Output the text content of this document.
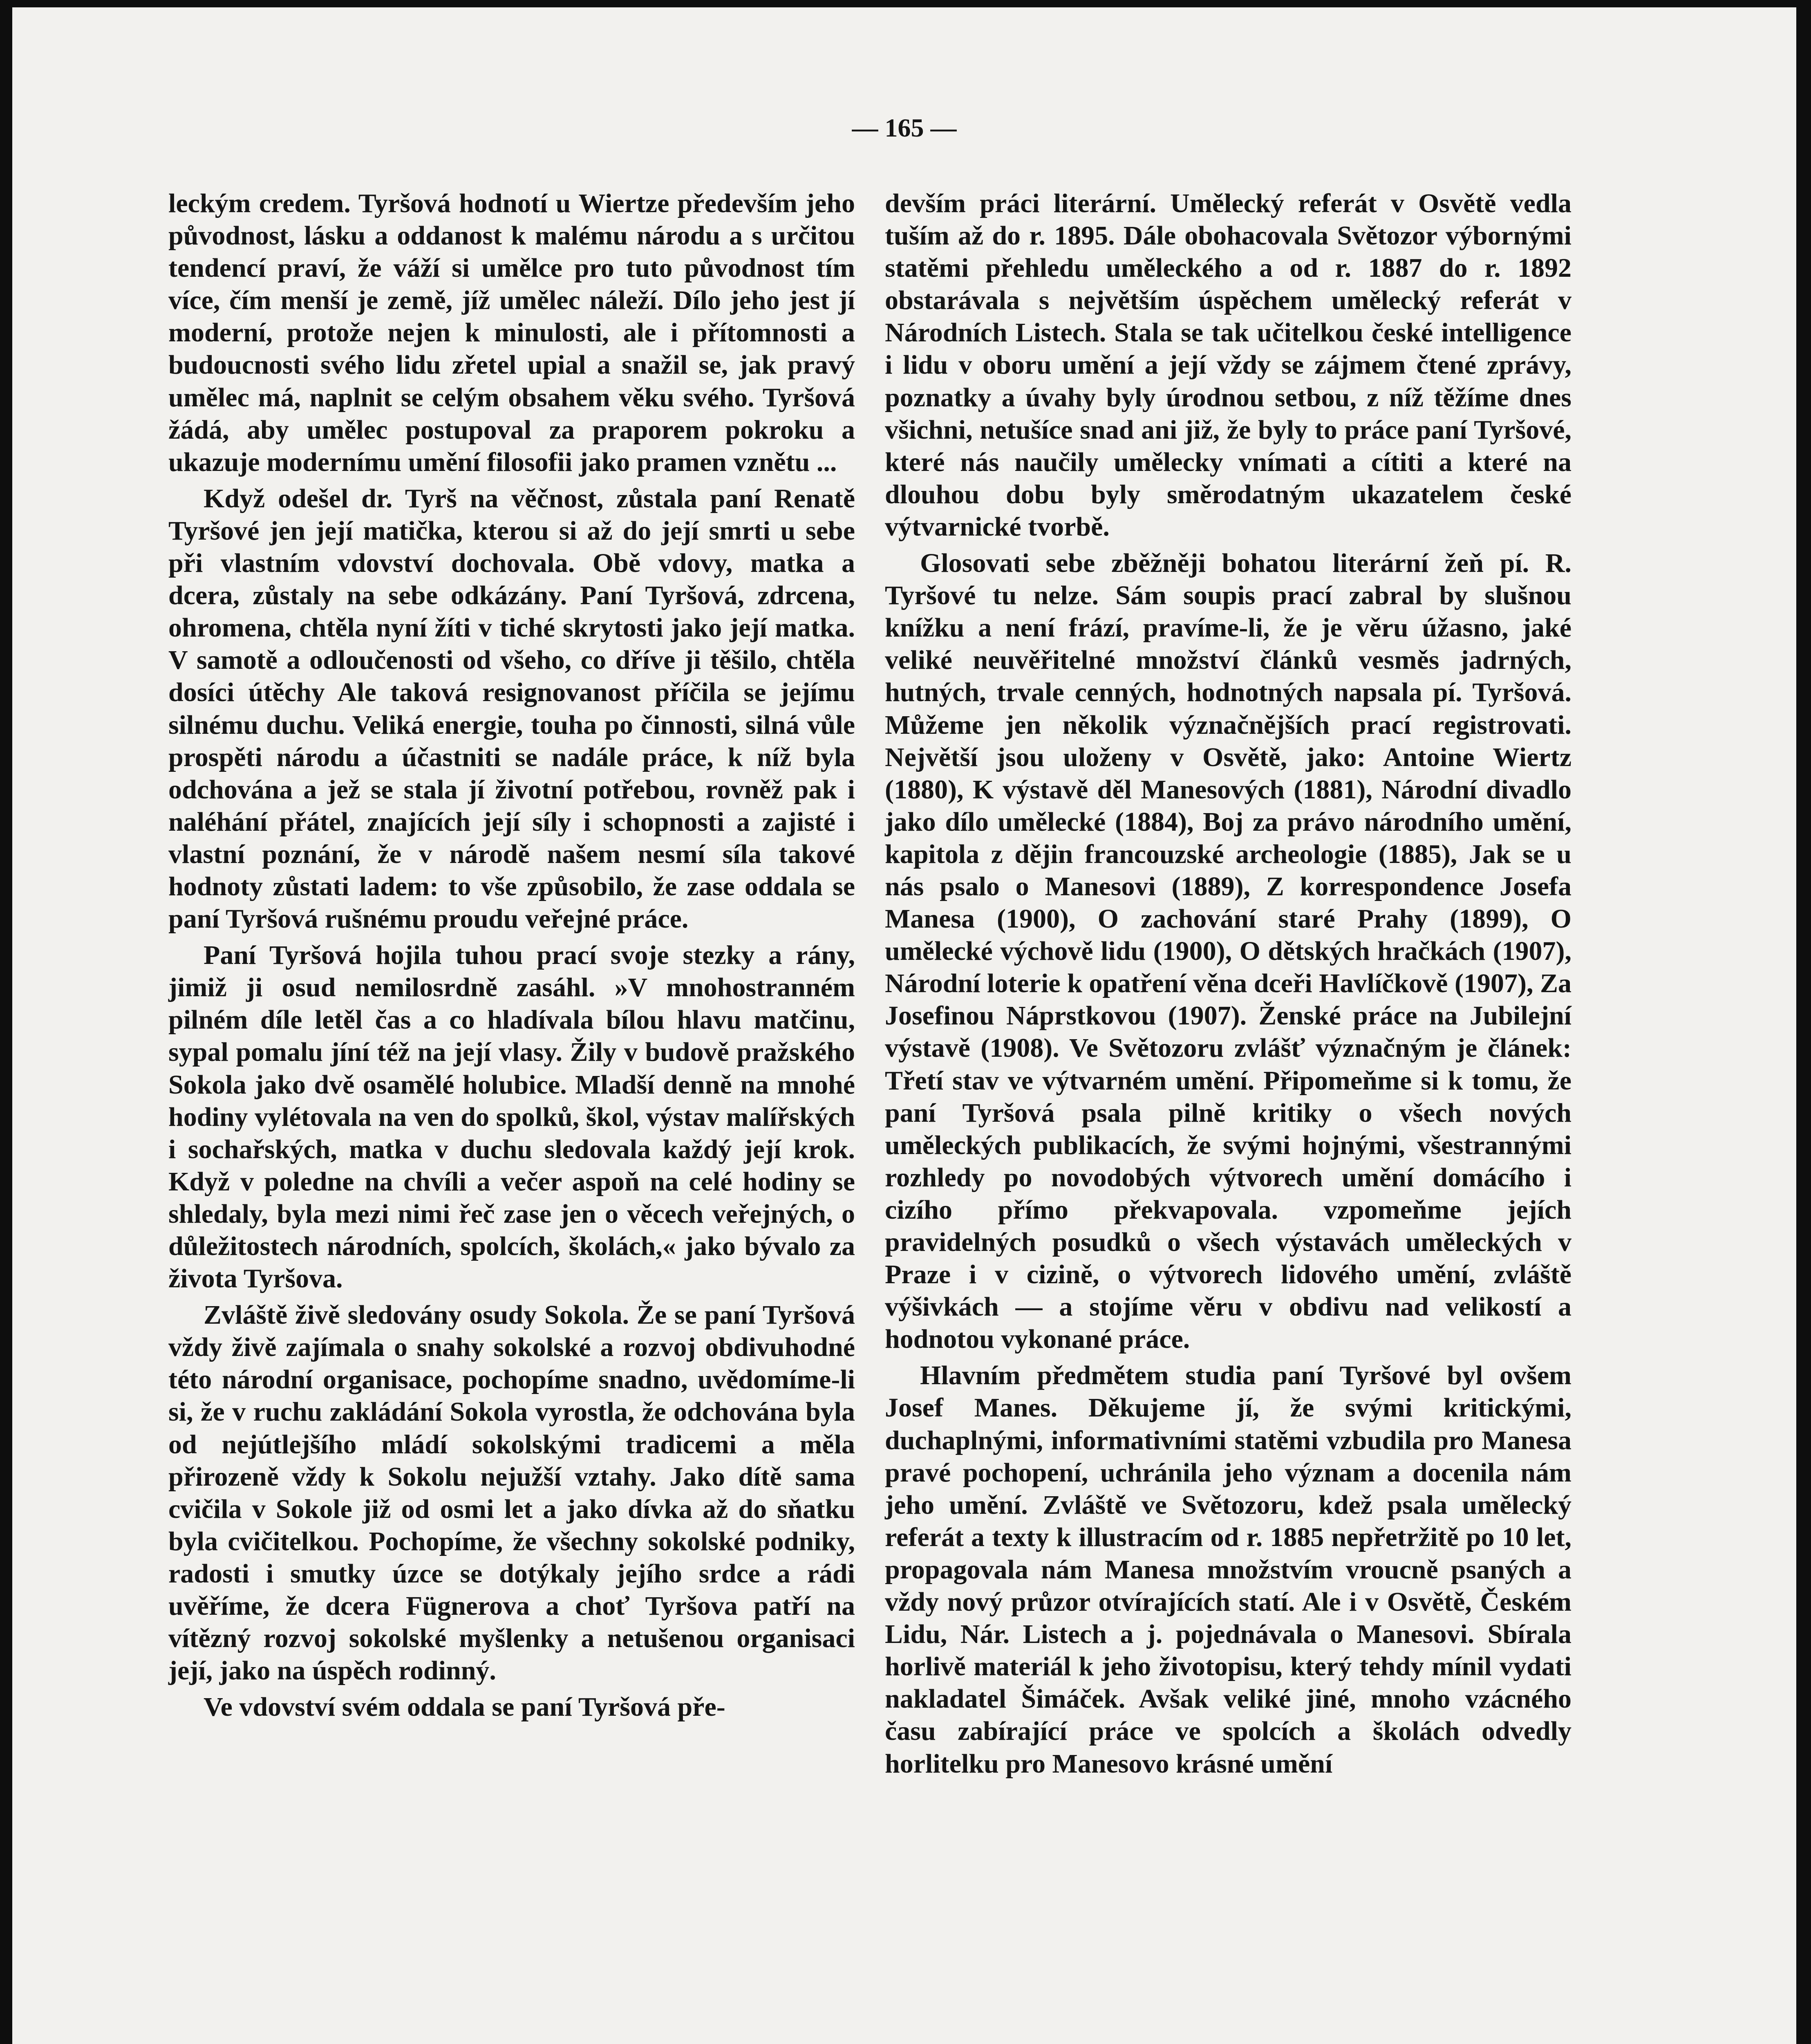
— 165 —

leckým credem. Tyršová hodnotí u Wiertze především jeho původnost, lásku a oddanost k malému národu a s určitou tendencí praví, že váží si umělce pro tuto původnost tím více, čím menší je země, jíž umělec náleží. Dílo jeho jest jí moderní, protože nejen k minulosti, ale i přítomnosti a budoucnosti svého lidu zřetel upial a snažil se, jak pravý umělec má, naplnit se celým obsahem věku svého. Tyršová žádá, aby umělec postupoval za praporem pokroku a ukazuje modernímu umění filosofii jako pramen vznětu ...

Když odešel dr. Tyrš na věčnost, zůstala paní Renatě Tyršové jen její matička, kterou si až do její smrti u sebe při vlastním vdovství dochovala. Obě vdovy, matka a dcera, zůstaly na sebe odkázány. Paní Tyršová, zdrcena, ohromena, chtěla nyní žíti v tiché skrytosti jako její matka. V samotě a odloučenosti od všeho, co dříve ji těšilo, chtěla dosíci útěchy Ale taková resignovanost příčila se jejímu silnému duchu. Veliká energie, touha po činnosti, silná vůle prospěti národu a účastniti se nadále práce, k níž byla odchována a jež se stala jí životní potřebou, rovněž pak i naléhání přátel, znajících její síly i schopnosti a zajisté i vlastní poznání, že v národě našem nesmí síla takové hodnoty zůstati ladem: to vše způsobilo, že zase oddala se paní Tyršová rušnému proudu veřejné práce.

Paní Tyršová hojila tuhou prací svoje stezky a rány, jimiž ji osud nemilosrdně zasáhl. »V mnohostranném pilném díle letěl čas a co hladívala bílou hlavu matčinu, sypal pomalu jíní též na její vlasy. Žily v budově pražského Sokola jako dvě osamělé holubice. Mladší denně na mnohé hodiny vylétovala na ven do spolků, škol, výstav malířských i sochařských, matka v duchu sledovala každý její krok. Když v poledne na chvíli a večer aspoň na celé hodiny se shledaly, byla mezi nimi řeč zase jen o věcech veřejných, o důležitostech národních, spolcích, školách,« jako bývalo za života Tyršova.

Zvláště živě sledovány osudy Sokola. Že se paní Tyršová vždy živě zajímala o snahy sokolské a rozvoj obdivuhodné této národní organisace, pochopíme snadno, uvědomíme-li si, že v ruchu zakládání Sokola vyrostla, že odchována byla od nejútlejšího mládí sokolskými tradicemi a měla přirozeně vždy k Sokolu nejužší vztahy. Jako dítě sama cvičila v Sokole již od osmi let a jako dívka až do sňatku byla cvičitelkou. Pochopíme, že všechny sokolské podniky, radosti i smutky úzce se dotýkaly jejího srdce a rádi uvěříme, že dcera Fügnerova a choť Tyršova patří na vítězný rozvoj sokolské myšlenky a netušenou organisaci její, jako na úspěch rodinný.

Ve vdovství svém oddala se paní Tyršová pře-

devším práci literární. Umělecký referát v Osvětě vedla tuším až do r. 1895. Dále obohacovala Světozor výbornými statěmi přehledu uměleckého a od r. 1887 do r. 1892 obstarávala s největším úspěchem umělecký referát v Národních Listech. Stala se tak učitelkou české intelligence i lidu v oboru umění a její vždy se zájmem čtené zprávy, poznatky a úvahy byly úrodnou setbou, z níž těžíme dnes všichni, netušíce snad ani již, že byly to práce paní Tyršové, které nás naučily umělecky vnímati a cítiti a které na dlouhou dobu byly směrodatným ukazatelem české výtvarnické tvorbě.

Glosovati sebe zběžněji bohatou literární žeň pí. R. Tyršové tu nelze. Sám soupis prací zabral by slušnou knížku a není frází, pravíme-li, že je věru úžasno, jaké veliké neuvěřitelné množství článků vesměs jadrných, hutných, trvale cenných, hodnotných napsala pí. Tyršová. Můžeme jen několik význačnějších prací registrovati. Největší jsou uloženy v Osvětě, jako: Antoine Wiertz (1880), K výstavě děl Manesových (1881), Národní divadlo jako dílo umělecké (1884), Boj za právo národního umění, kapitola z dějin francouzské archeologie (1885), Jak se u nás psalo o Manesovi (1889), Z korrespondence Josefa Manesa (1900), O zachování staré Prahy (1899), O umělecké výchově lidu (1900), O dětských hračkách (1907), Národní loterie k opatření věna dceři Havlíčkově (1907), Za Josefinou Náprstkovou (1907). Ženské práce na Jubilejní výstavě (1908). Ve Světozoru zvlášť význačným je článek: Třetí stav ve výtvarném umění. Připomeňme si k tomu, že paní Tyršová psala pilně kritiky o všech nových uměleckých publikacích, že svými hojnými, všestrannými rozhledy po novodobých výtvorech umění domácího i cizího přímo překvapovala. vzpomeňme jejích pravidelných posudků o všech výstavách uměleckých v Praze i v cizině, o výtvorech lidového umění, zvláště výšivkách — a stojíme věru v obdivu nad velikostí a hodnotou vykonané práce.

Hlavním předmětem studia paní Tyršové byl ovšem Josef Manes. Děkujeme jí, že svými kritickými, duchaplnými, informativními statěmi vzbudila pro Manesa pravé pochopení, uchránila jeho význam a docenila nám jeho umění. Zvláště ve Světozoru, kdež psala umělecký referát a texty k illustracím od r. 1885 nepřetržitě po 10 let, propagovala nám Manesa množstvím vroucně psaných a vždy nový průzor otvírajících statí. Ale i v Osvětě, Českém Lidu, Nár. Listech a j. pojednávala o Manesovi. Sbírala horlivě materiál k jeho životopisu, který tehdy mínil vydati nakladatel Šimáček. Avšak veliké jiné, mnoho vzácného času zabírající práce ve spolcích a školách odvedly horlitelku pro Manesovo krásné umění
